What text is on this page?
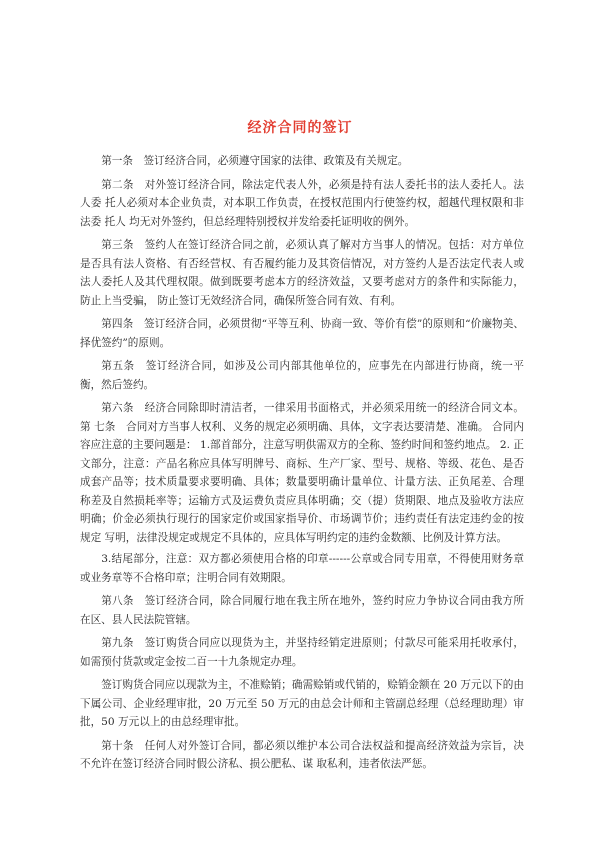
经济合同的签订

第一条　签订经济合同，必须遵守国家的法律、政策及有关规定。

第二条　对外签订经济合同，除法定代表人外，必须是持有法人委托书的法人委托人。法人委 托人必须对本企业负责，对本职工作负责，在授权范围内行使签约权，超越代理权限和非法委 托人 均无对外签约，但总经理特别授权并发给委托证明收的例外。

第三条　签约人在签订经济合同之前，必须认真了解对方当事人的情况。包括：对方单位是否具有法人资格、有否经营权、有否履约能力及其资信情况，对方签约人是否法定代表人或法人委托人及其代理权限。做到既要考虑本方的经济效益，又要考虑对方的条件和实际能力，防止上当受骗， 防止签订无效经济合同，确保所签合同有效、有利。

第四条　签订经济合同，必须贯彻“平等互利、协商一致、等价有偿”的原则和“价廉物美、择优签约”的原则。

第五条　签订经济合同，如涉及公司内部其他单位的，应事先在内部进行协商，统一平衡，然后签约。

第六条　经济合同除即时清洁者，一律采用书面格式，并必须采用统一的经济合同文本。 第 七条　合同对方当事人权利、义务的规定必须明确、具体，文字表达要清楚、准确。 合同内容应注意的主要问题是： 1.部首部分，注意写明供需双方的全称、签约时间和签约地点。 2. 正文部分，注意：产品名称应具体写明牌号、商标、生产厂家、型号、规格、等级、花色、是否成套产品等；技术质量要求要明确、具体；数量要明确计量单位、计量方法、正负尾差、合理 称差及自然损耗率等；运输方式及运费负责应具体明确；交（提）货期限、地点及验收方法应 明确；价金必须执行现行的国家定价或国家指导价、市场调节价；违约责任有法定违约金的按规定 写明，法律没规定或规定不具体的，应具体写明约定的违约金数额、比例及计算方法。

3.结尾部分，注意：双方都必须使用合格的印章------公章或合同专用章，不得使用财务章或业务章等不合格印章；注明合同有效期限。

第八条　签订经济合同，除合同履行地在我主所在地外，签约时应力争协议合同由我方所在区、县人民法院管辖。

第九条　签订购货合同应以现货为主，并坚持经销定进原则；付款尽可能采用托收承付，如需预付货款或定金按二百一十九条规定办理。

签订购货合同应以现款为主，不准赊销；确需赊销或代销的，赊销金额在 20 万元以下的由下属公司、企业经理审批，20 万元至 50 万元的由总会计师和主管副总经理（总经理助理）审批，50 万元以上的由总经理审批。

第十条　任何人对外签订合同，都必须以维护本公司合法权益和提高经济效益为宗旨，决不允许在签订经济合同时假公济私、损公肥私、谋 取私利，违者依法严惩。
